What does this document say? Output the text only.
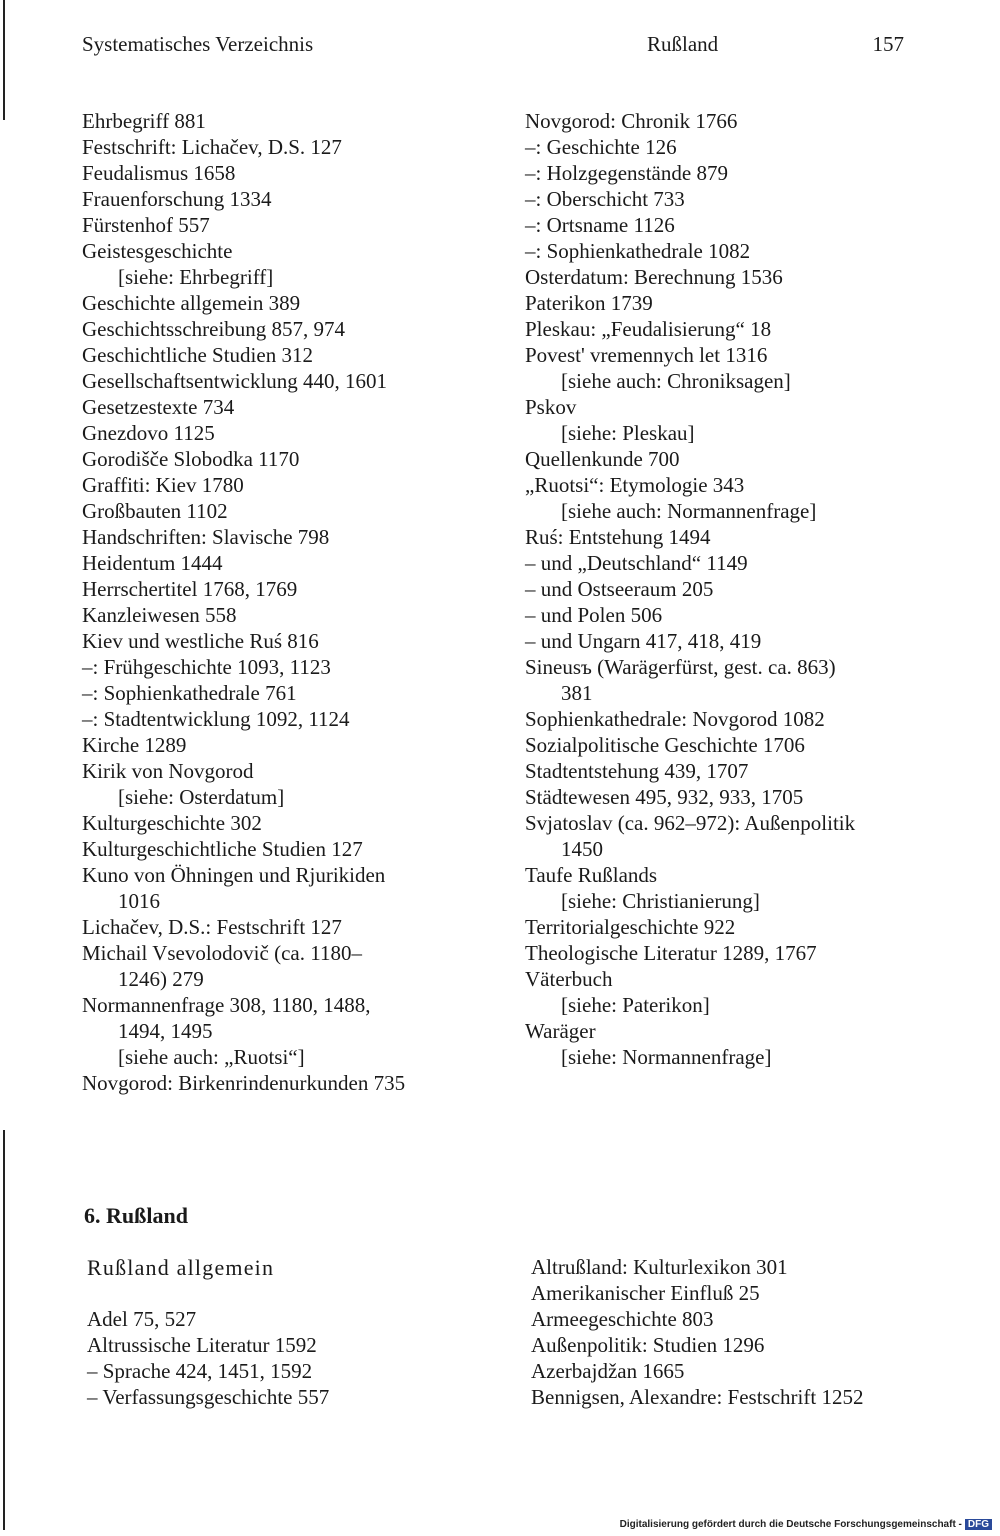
Systematisches Verzeichnis	Rußland	157
Ehrbegriff 881
Festschrift: Lichačev, D.S. 127
Feudalismus 1658
Frauenforschung 1334
Fürstenhof 557
Geistesgeschichte
[siehe: Ehrbegriff]
Geschichte allgemein 389
Geschichtsschreibung 857, 974
Geschichtliche Studien 312
Gesellschaftsentwicklung 440, 1601
Gesetzestexte 734
Gnezdovo 1125
Gorodišče Slobodka 1170
Graffiti: Kiev 1780
Großbauten 1102
Handschriften: Slavische 798
Heidentum 1444
Herrschertitel 1768, 1769
Kanzleiwesen 558
Kiev und westliche Ruś 816
–: Frühgeschichte 1093, 1123
–: Sophienkathedrale 761
–: Stadtentwicklung 1092, 1124
Kirche 1289
Kirik von Novgorod
[siehe: Osterdatum]
Kulturgeschichte 302
Kulturgeschichtliche Studien 127
Kuno von Öhningen und Rjurikiden
1016
Lichačev, D.S.: Festschrift 127
Michail Vsevolodovič (ca. 1180–
1246) 279
Normannenfrage 308, 1180, 1488,
1494, 1495
[siehe auch: „Ruotsi“]
Novgorod: Birkenrindenurkunden 735
Novgorod: Chronik 1766
–: Geschichte 126
–: Holzgegenstände 879
–: Oberschicht 733
–: Ortsname 1126
–: Sophienkathedrale 1082
Osterdatum: Berechnung 1536
Paterikon 1739
Pleskau: „Feudalisierung“ 18
Povest' vremennych let 1316
[siehe auch: Chroniksagen]
Pskov
[siehe: Pleskau]
Quellenkunde 700
„Ruotsi“: Etymologie 343
[siehe auch: Normannenfrage]
Ruś: Entstehung 1494
– und „Deutschland“ 1149
– und Ostseeraum 205
– und Polen 506
– und Ungarn 417, 418, 419
Sineusъ (Warägerfürst, gest. ca. 863)
381
Sophienkathedrale: Novgorod 1082
Sozialpolitische Geschichte 1706
Stadtentstehung 439, 1707
Städtewesen 495, 932, 933, 1705
Svjatoslav (ca. 962–972): Außenpolitik
1450
Taufe Rußlands
[siehe: Christianierung]
Territorialgeschichte 922
Theologische Literatur 1289, 1767
Väterbuch
[siehe: Paterikon]
Waräger
[siehe: Normannenfrage]
6. Rußland
Rußland allgemein
Adel 75, 527
Altrussische Literatur 1592
– Sprache 424, 1451, 1592
– Verfassungsgeschichte 557
Altrußland: Kulturlexikon 301
Amerikanischer Einfluß 25
Armeegeschichte 803
Außenpolitik: Studien 1296
Azerbajdžan 1665
Bennigsen, Alexandre: Festschrift 1252
Digitalisierung gefördert durch die Deutsche Forschungsgemeinschaft - DFG
